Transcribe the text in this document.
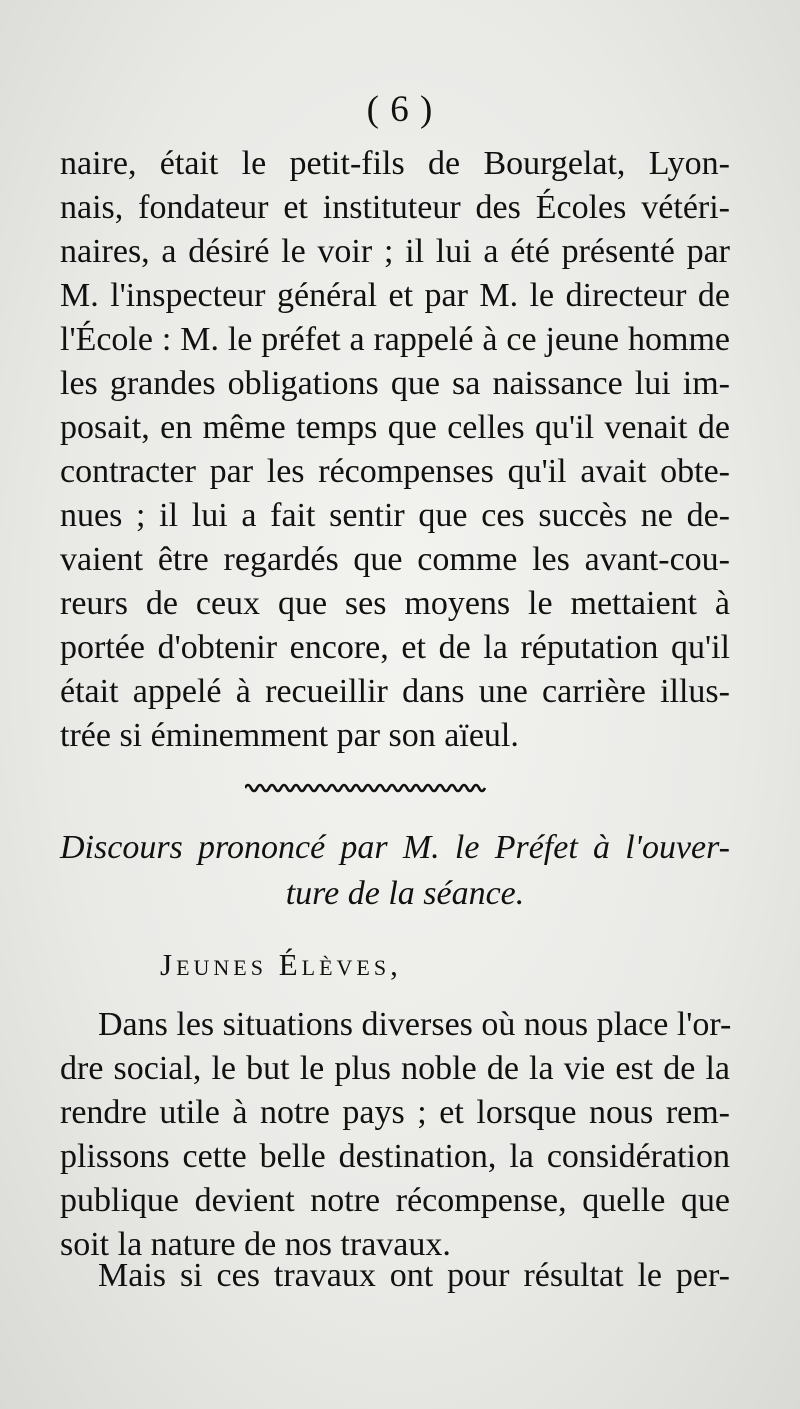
( 6 )
naire, était le petit-fils de Bourgelat, Lyon-
nais, fondateur et instituteur des Écoles vétéri-
naires, a désiré le voir ; il lui a été présenté par
M. l'inspecteur général et par M. le directeur de
l'École : M. le préfet a rappelé à ce jeune homme
les grandes obligations que sa naissance lui im-
posait, en même temps que celles qu'il venait de
contracter par les récompenses qu'il avait obte-
nues ; il lui a fait sentir que ces succès ne de-
vaient être regardés que comme les avant-cou-
reurs de ceux que ses moyens le mettaient à
portée d'obtenir encore, et de la réputation qu'il
était appelé à recueillir dans une carrière illus-
trée si éminemment par son aïeul.
Discours prononcé par M. le Préfet à l'ouver-
ture de la séance.
Jeunes Élèves,
Dans les situations diverses où nous place l'or-
dre social, le but le plus noble de la vie est de la
rendre utile à notre pays ; et lorsque nous rem-
plissons cette belle destination, la considération
publique devient notre récompense, quelle que
soit la nature de nos travaux.
Mais si ces travaux ont pour résultat le per-
